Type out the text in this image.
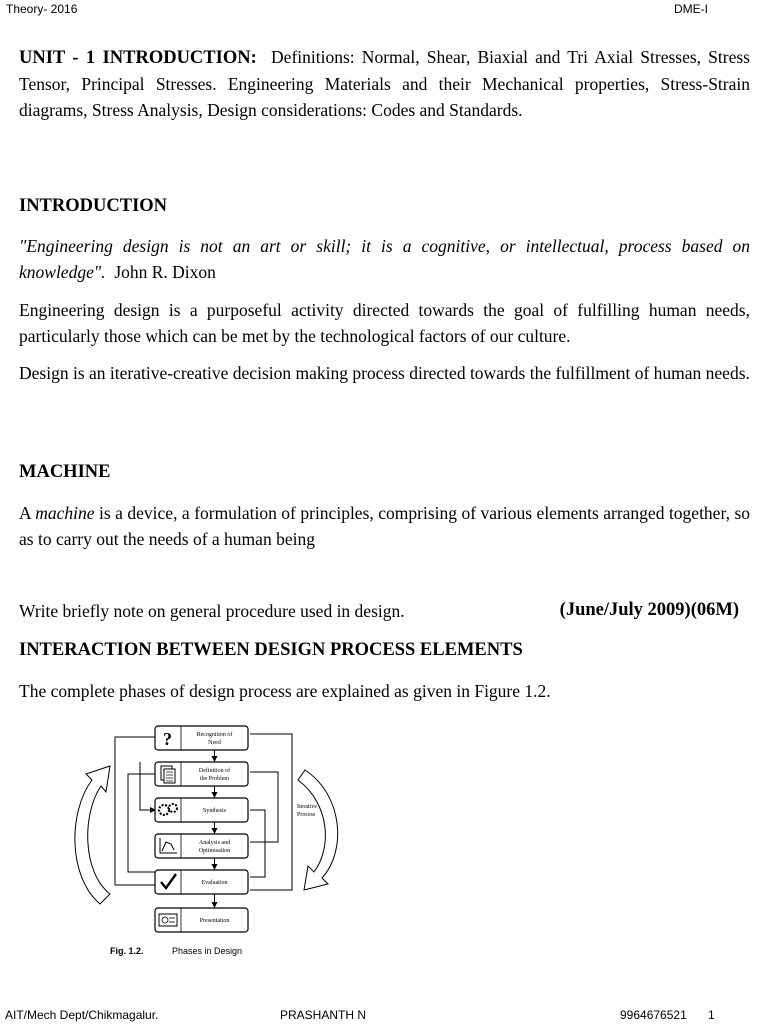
Theory- 2016	DME-I
UNIT - 1 INTRODUCTION: Definitions: Normal, Shear, Biaxial and Tri Axial Stresses, Stress Tensor, Principal Stresses. Engineering Materials and their Mechanical properties, Stress-Strain diagrams, Stress Analysis, Design considerations: Codes and Standards.
INTRODUCTION
"Engineering design is not an art or skill; it is a cognitive, or intellectual, process based on knowledge". John R. Dixon
Engineering design is a purposeful activity directed towards the goal of fulfilling human needs, particularly those which can be met by the technological factors of our culture.
Design is an iterative-creative decision making process directed towards the fulfillment of human needs.
MACHINE
A machine is a device, a formulation of principles, comprising of various elements arranged together, so as to carry out the needs of a human being
Write briefly note on general procedure used in design.	(June/July 2009)(06M)
INTERACTION BETWEEN DESIGN PROCESS ELEMENTS
The complete phases of design process are explained as given in Figure 1.2.
Iterative
Process
?	Recognition of
Need
Definition of
the Problem
Synthesis
Analysis and
Optimisation
Evaluation
Presentation
Fig. 1.2.	Phases in Design
AIT/Mech Dept/Chikmagalur.	PRASHANTH N	9964676521 1
